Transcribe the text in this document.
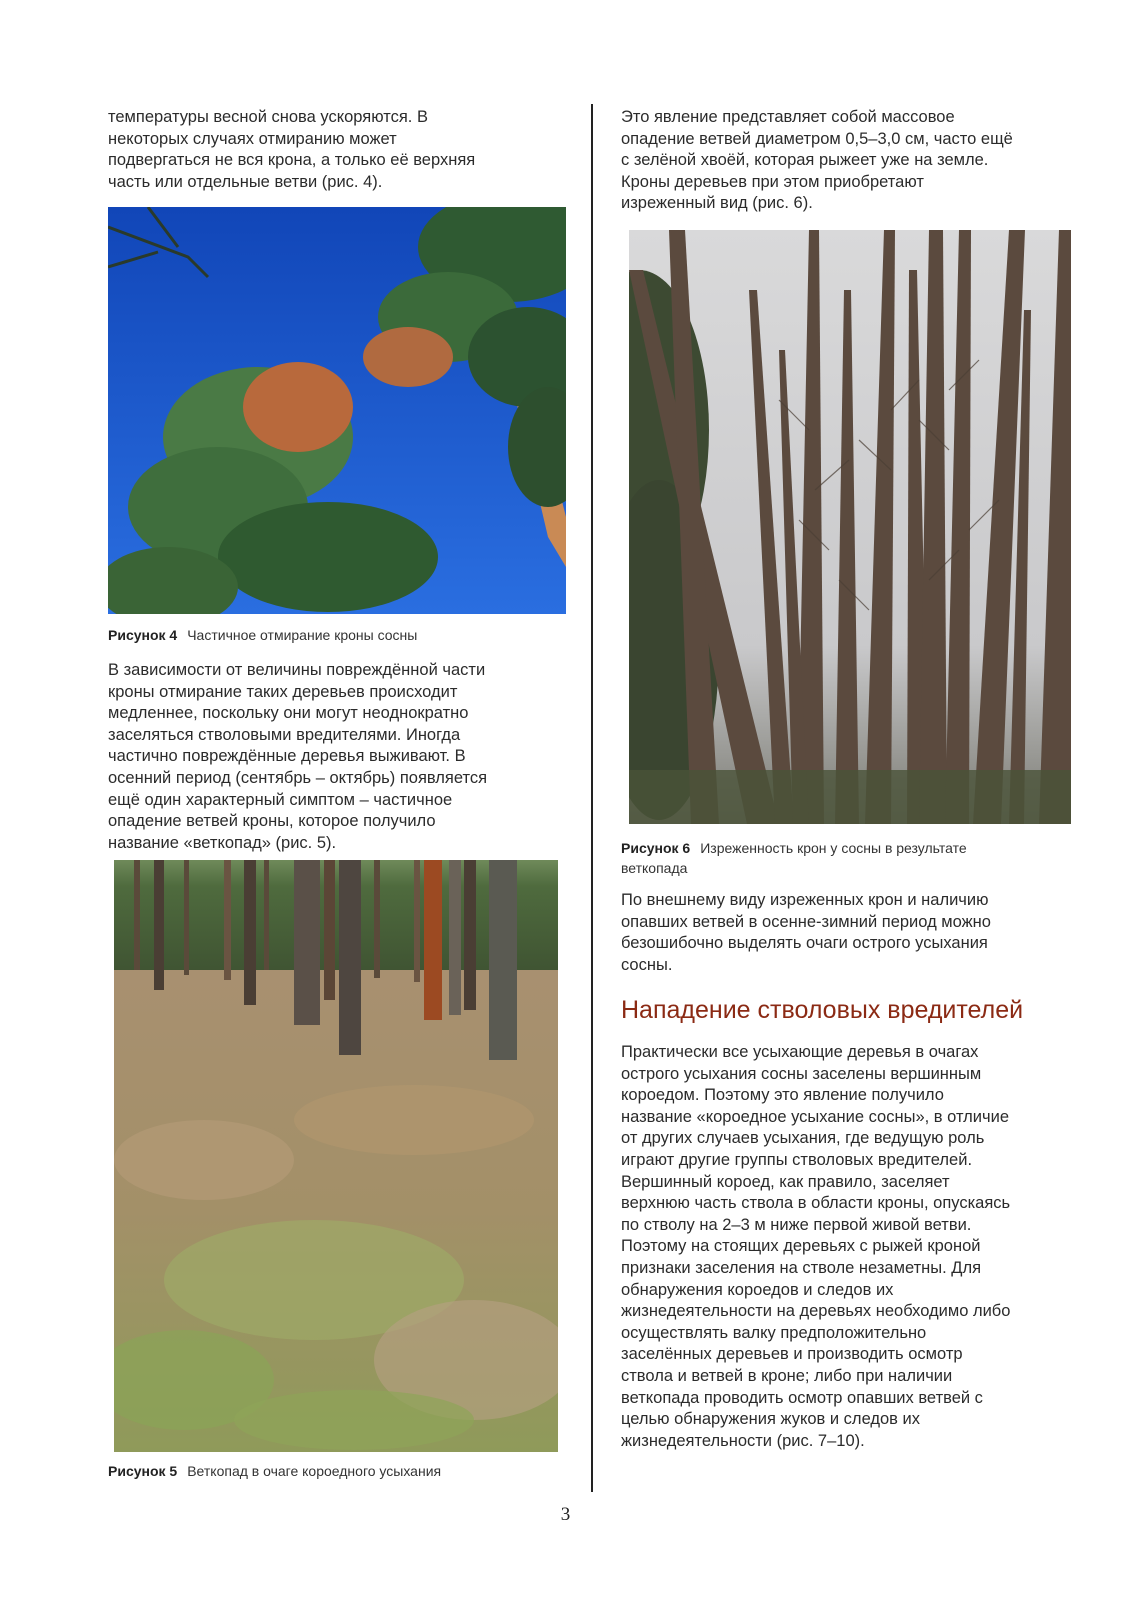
температуры весной снова ускоряются. В
некоторых случаях отмиранию может
подвергаться не вся крона, а только её верхняя
часть или отдельные ветви (рис. 4).

Рисунок 4 Частичное отмирание кроны сосны

В зависимости от величины повреждённой части
кроны отмирание таких деревьев происходит
медленнее, поскольку они могут неоднократно
заселяться стволовыми вредителями. Иногда
частично повреждённые деревья выживают. В
осенний период (сентябрь – октябрь) появляется
ещё один характерный симптом – частичное
опадение ветвей кроны, которое получило
название «веткопад» (рис. 5).

Рисунок 5 Веткопад в очаге короедного усыхания

Это явление представляет собой массовое
опадение ветвей диаметром 0,5–3,0 см, часто ещё
с зелёной хвоёй, которая рыжеет уже на земле.
Кроны деревьев при этом приобретают
изреженный вид (рис. 6).

Рисунок 6 Изреженность крон у сосны в результате
веткопада

По внешнему виду изреженных крон и наличию
опавших ветвей в осенне-зимний период можно
безошибочно выделять очаги острого усыхания
сосны.

Нападение стволовых вредителей

Практически все усыхающие деревья в очагах
острого усыхания сосны заселены вершинным
короедом. Поэтому это явление получило
название «короедное усыхание сосны», в отличие
от других случаев усыхания, где ведущую роль
играют другие группы стволовых вредителей.
Вершинный короед, как правило, заселяет
верхнюю часть ствола в области кроны, опускаясь
по стволу на 2–3 м ниже первой живой ветви.
Поэтому на стоящих деревьях с рыжей кроной
признаки заселения на стволе незаметны. Для
обнаружения короедов и следов их
жизнедеятельности на деревьях необходимо либо
осуществлять валку предположительно
заселённых деревьев и производить осмотр
ствола и ветвей в кроне; либо при наличии
веткопада проводить осмотр опавших ветвей с
целью обнаружения жуков и следов их
жизнедеятельности (рис. 7–10).

3
